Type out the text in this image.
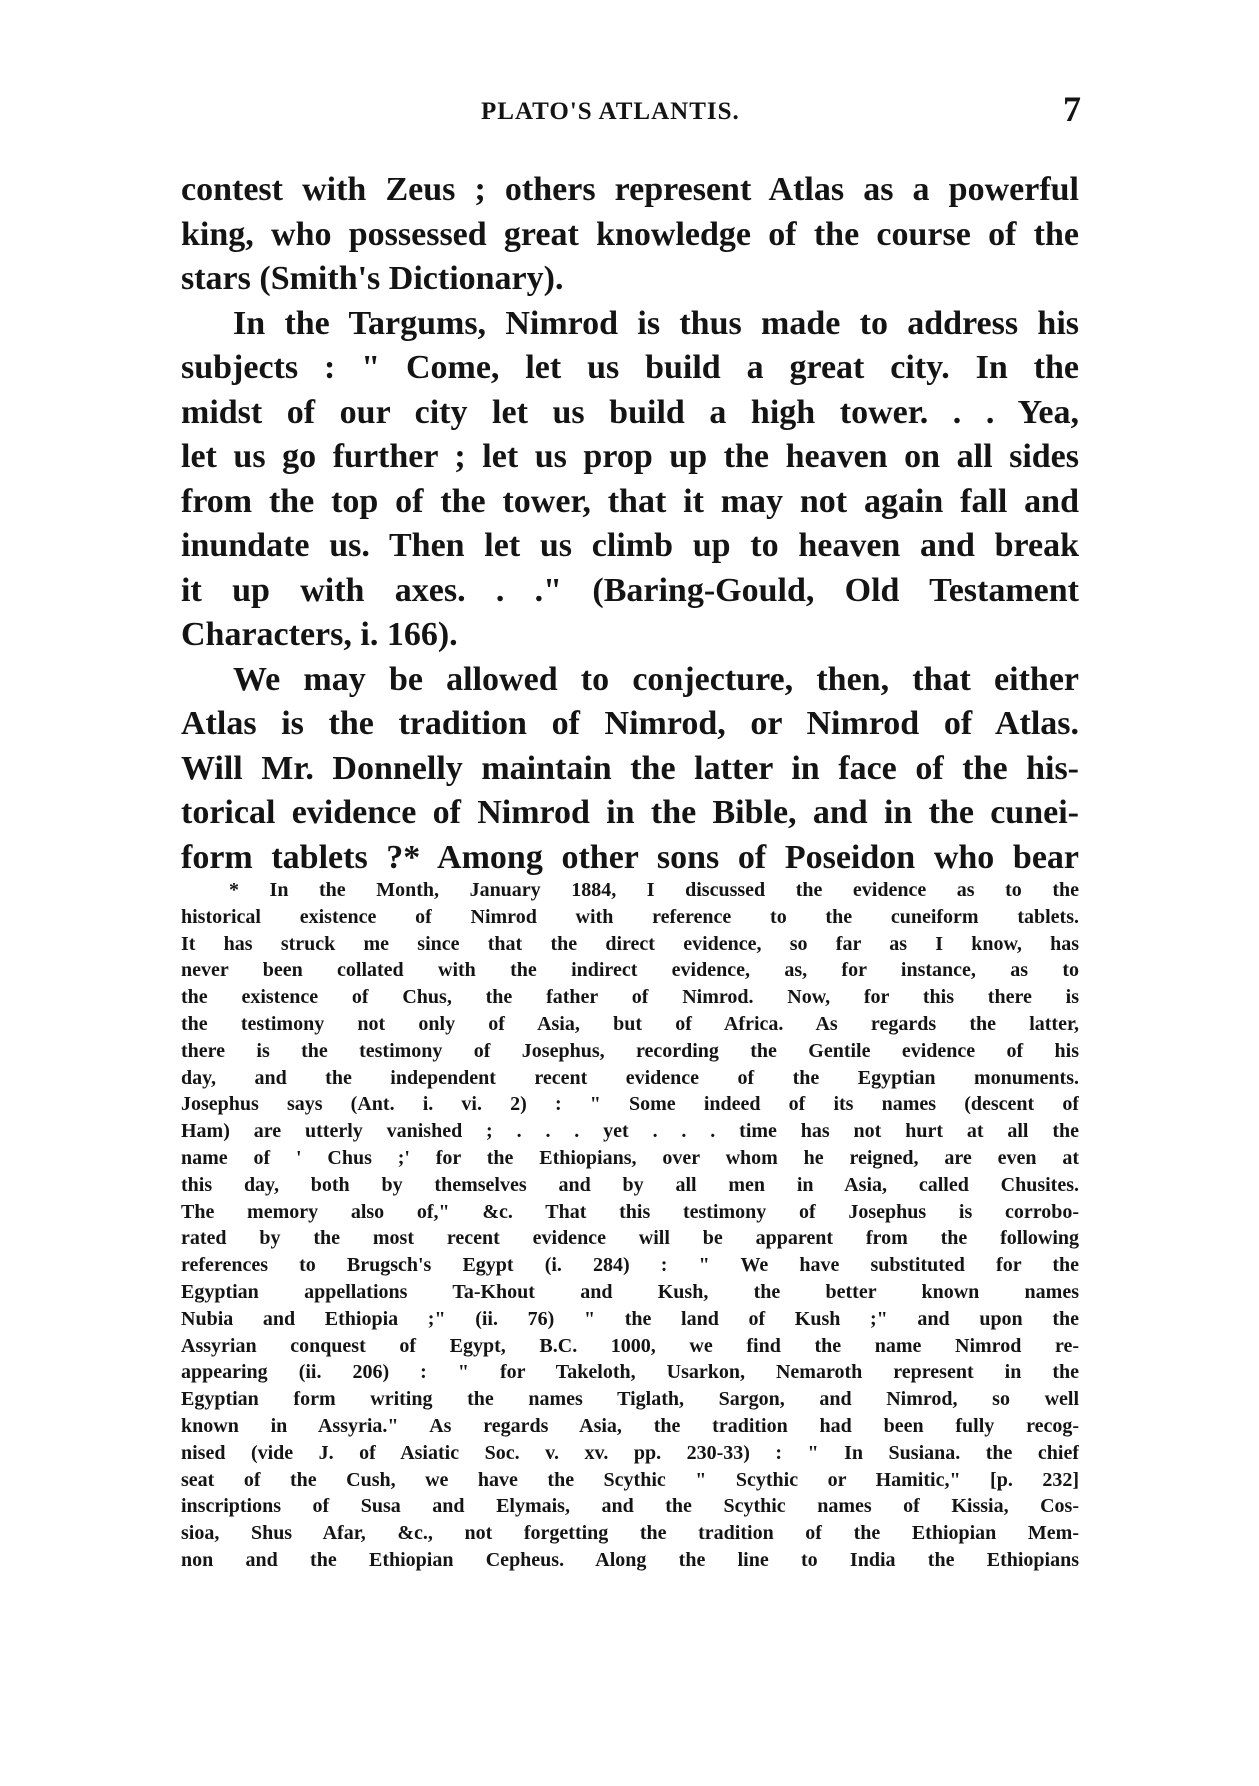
PLATO'S ATLANTIS.	7
contest with Zeus ; others represent Atlas as a powerful
king, who possessed great knowledge of the course of the
stars (Smith's Dictionary).
In the Targums, Nimrod is thus made to address his
subjects : " Come, let us build a great city. In the
midst of our city let us build a high tower. . . Yea,
let us go further ; let us prop up the heaven on all sides
from the top of the tower, that it may not again fall and
inundate us. Then let us climb up to heaven and break
it up with axes. . ." (Baring-Gould, Old Testament
Characters, i. 166).
We may be allowed to conjecture, then, that either
Atlas is the tradition of Nimrod, or Nimrod of Atlas.
Will Mr. Donnelly maintain the latter in face of the his-
torical evidence of Nimrod in the Bible, and in the cunei-
form tablets ?* Among other sons of Poseidon who bear
* In the Month, January 1884, I discussed the evidence as to the
historical existence of Nimrod with reference to the cuneiform tablets.
It has struck me since that the direct evidence, so far as I know, has
never been collated with the indirect evidence, as, for instance, as to
the existence of Chus, the father of Nimrod. Now, for this there is
the testimony not only of Asia, but of Africa. As regards the latter,
there is the testimony of Josephus, recording the Gentile evidence of his
day, and the independent recent evidence of the Egyptian monuments.
Josephus says (Ant. i. vi. 2) : " Some indeed of its names (descent of
Ham) are utterly vanished ; . . . yet . . . time has not hurt at all the
name of ' Chus ;' for the Ethiopians, over whom he reigned, are even at
this day, both by themselves and by all men in Asia, called Chusites.
The memory also of," &c. That this testimony of Josephus is corrobo-
rated by the most recent evidence will be apparent from the following
references to Brugsch's Egypt (i. 284) : " We have substituted for the
Egyptian appellations Ta-Khout and Kush, the better known names
Nubia and Ethiopia ;" (ii. 76) " the land of Kush ;" and upon the
Assyrian conquest of Egypt, B.C. 1000, we find the name Nimrod re-
appearing (ii. 206) : " for Takeloth, Usarkon, Nemaroth represent in the
Egyptian form writing the names Tiglath, Sargon, and Nimrod, so well
known in Assyria." As regards Asia, the tradition had been fully recog-
nised (vide J. of Asiatic Soc. v. xv. pp. 230-33) : " In Susiana. the chief
seat of the Cush, we have the Scythic " Scythic or Hamitic," [p. 232]
inscriptions of Susa and Elymais, and the Scythic names of Kissia, Cos-
sioa, Shus Afar, &c., not forgetting the tradition of the Ethiopian Mem-
non and the Ethiopian Cepheus. Along the line to India the Ethiopians
